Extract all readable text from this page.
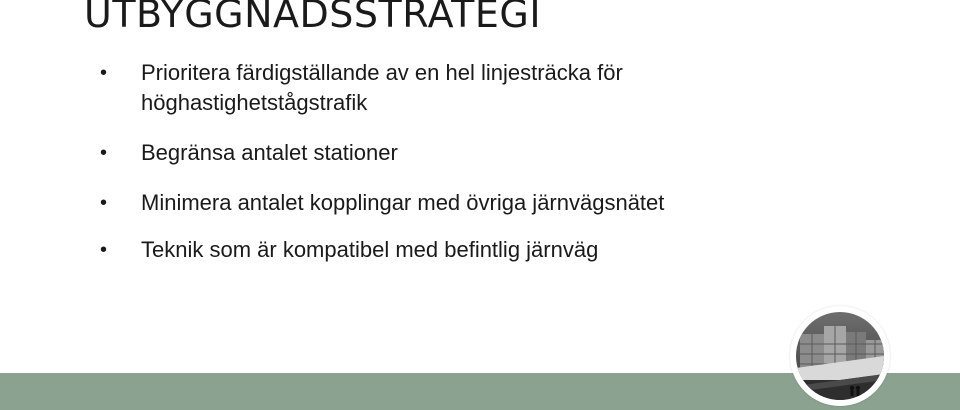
UTBYGGNADSSTRATEGI
• Prioritera färdigställande av en hel linjesträcka för höghastighetstågstrafik
• Begränsa antalet stationer
• Minimera antalet kopplingar med övriga järnvägsnätet
• Teknik som är kompatibel med befintlig järnväg
